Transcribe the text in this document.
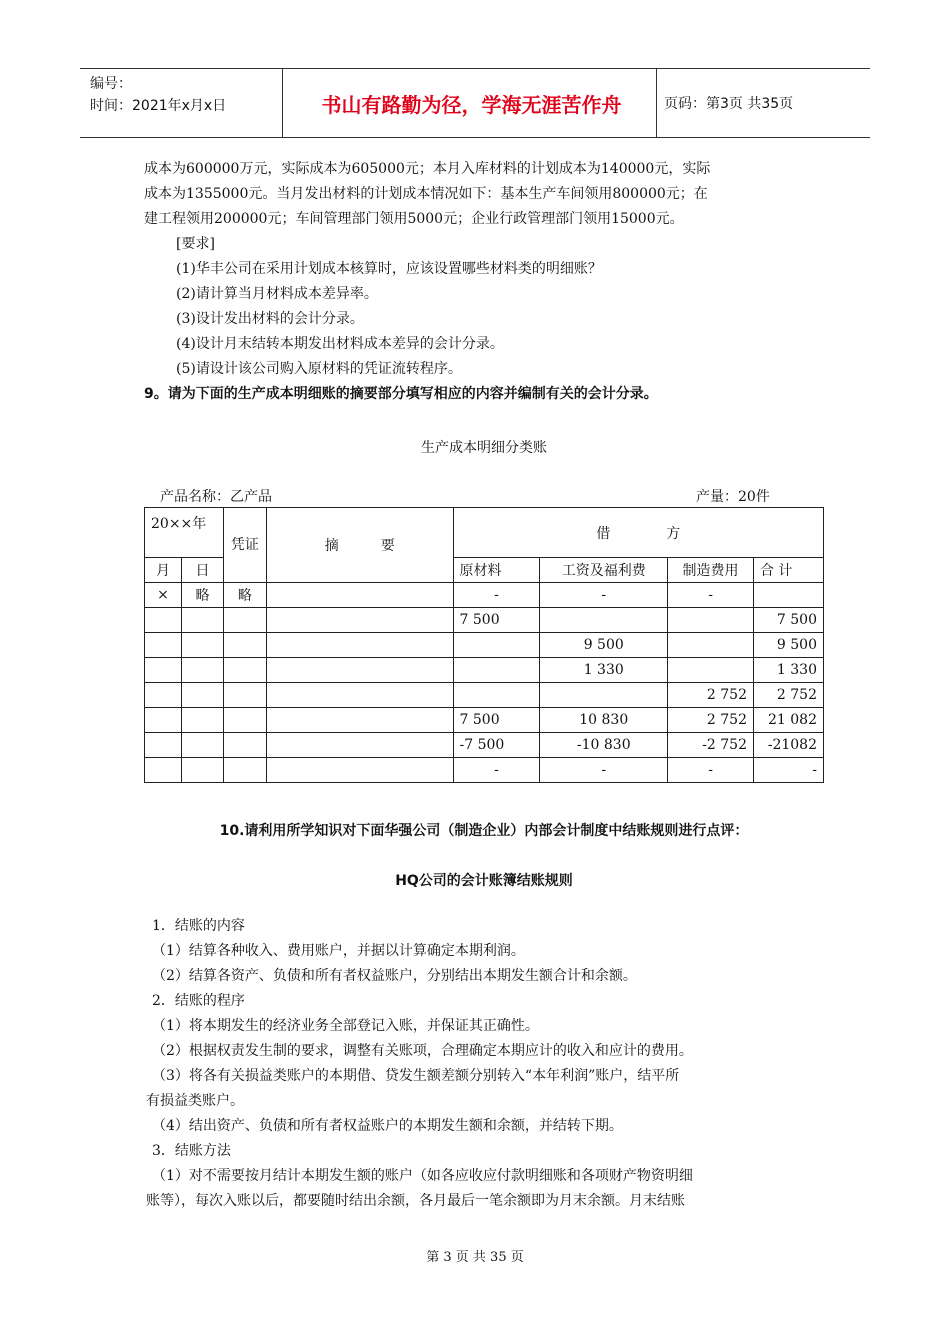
编号：
时间：2021年x月x日	书山有路勤为径，学海无涯苦作舟	页码：第3页 共35页
成本为600000万元，实际成本为605000元；本月入库材料的计划成本为140000元，实际
成本为1355000元。当月发出材料的计划成本情况如下：基本生产车间领用800000元；在
建工程领用200000元；车间管理部门领用5000元；企业行政管理部门领用15000元。
[要求]
(1)华丰公司在采用计划成本核算时，应该设置哪些材料类的明细账？
(2)请计算当月材料成本差异率。
(3)设计发出材料的会计分录。
(4)设计月末结转本期发出材料成本差异的会计分录。
(5)请设计该公司购入原材料的凭证流转程序。
9。请为下面的生产成本明细账的摘要部分填写相应的内容并编制有关的会计分录。
生产成本明细分类账
产品名称：乙产品	产量：20件
20××年		凭证	摘　　　要	借　　　　方			
月	日			原材料	工资及福利费	制造费用	合 计
×	略	略		-	-	-	
				7 500			7 500
					9 500		9 500
					1 330		1 330
						2 752	2 752
				7 500	10 830	2 752	21 082
				-7 500	-10 830	-2 752	-21082
				-	-	-	-
10.请利用所学知识对下面华强公司（制造企业）内部会计制度中结账规则进行点评：
HQ公司的会计账簿结账规则
1．结账的内容
（1）结算各种收入、费用账户，并据以计算确定本期利润。
（2）结算各资产、负债和所有者权益账户，分别结出本期发生额合计和余额。
2．结账的程序
（1）将本期发生的经济业务全部登记入账，并保证其正确性。
（2）根据权责发生制的要求，调整有关账项，合理确定本期应计的收入和应计的费用。
（3）将各有关损益类账户的本期借、贷发生额差额分别转入“本年利润”账户，结平所
有损益类账户。
（4）结出资产、负债和所有者权益账户的本期发生额和余额，并结转下期。
3．结账方法
（1）对不需要按月结计本期发生额的账户（如各应收应付款明细账和各项财产物资明细
账等），每次入账以后，都要随时结出余额，各月最后一笔余额即为月末余额。月末结账
第 3 页 共 35 页
